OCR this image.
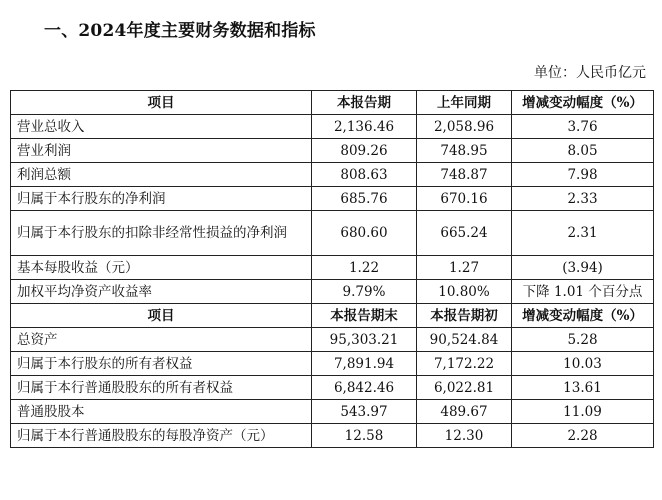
一、2024年度主要财务数据和指标
单位：人民币亿元
项目	本报告期	上年同期	增减变动幅度（%）
营业总收入	2,136.46	2,058.96	3.76
营业利润	809.26	748.95	8.05
利润总额	808.63	748.87	7.98
归属于本行股东的净利润	685.76	670.16	2.33
归属于本行股东的扣除非经常性损益的净利润	680.60	665.24	2.31
基本每股收益（元）	1.22	1.27	(3.94)
加权平均净资产收益率	9.79%	10.80%	下降 1.01 个百分点
项目	本报告期末	本报告期初	增减变动幅度（%）
总资产	95,303.21	90,524.84	5.28
归属于本行股东的所有者权益	7,891.94	7,172.22	10.03
归属于本行普通股股东的所有者权益	6,842.46	6,022.81	13.61
普通股股本	543.97	489.67	11.09
归属于本行普通股股东的每股净资产（元）	12.58	12.30	2.28
